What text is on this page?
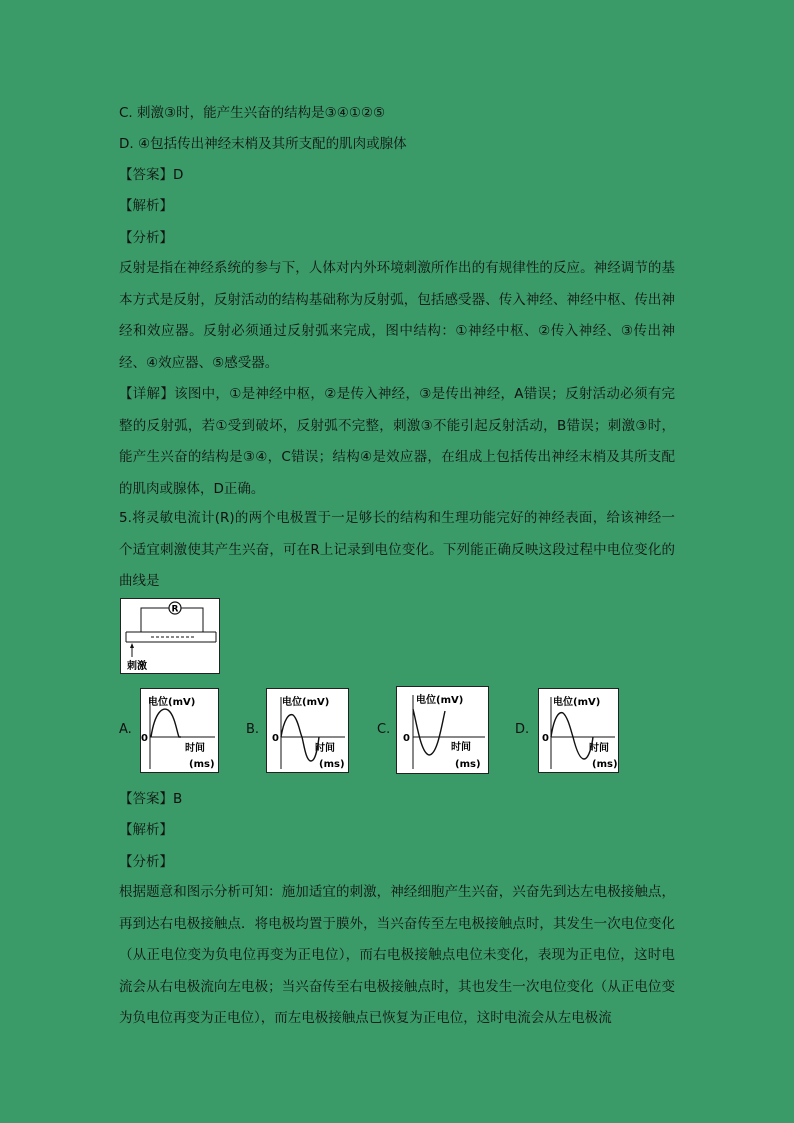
C. 刺激③时，能产生兴奋的结构是③④①②⑤
D. ④包括传出神经末梢及其所支配的肌肉或腺体
【答案】D
【解析】
【分析】
反射是指在神经系统的参与下，人体对内外环境刺激所作出的有规律性的反应。神经调节的基本方式是反射，反射活动的结构基础称为反射弧，包括感受器、传入神经、神经中枢、传出神经和效应器。反射必须通过反射弧来完成，图中结构：①神经中枢、②传入神经、③传出神经、④效应器、⑤感受器。
【详解】该图中，①是神经中枢，②是传入神经，③是传出神经，A错误；反射活动必须有完整的反射弧，若①受到破坏，反射弧不完整，刺激③不能引起反射活动，B错误；刺激③时，能产生兴奋的结构是③④，C错误；结构④是效应器，在组成上包括传出神经末梢及其所支配的肌肉或腺体，D正确。
5.将灵敏电流计(R)的两个电极置于一足够长的结构和生理功能完好的神经表面，给该神经一个适宜刺激使其产生兴奋，可在R上记录到电位变化。下列能正确反映这段过程中电位变化的曲线是
R
刺激
A.
电位(mV)
0
时间
(ms)
B.
电位(mV)
0
时间
(ms)
C.
电位(mV)
0
时间
(ms)
D.
电位(mV)
0
时间
(ms)
【答案】B
【解析】
【分析】
根据题意和图示分析可知：施加适宜的刺激，神经细胞产生兴奋，兴奋先到达左电极接触点，再到达右电极接触点．将电极均置于膜外，当兴奋传至左电极接触点时，其发生一次电位变化（从正电位变为负电位再变为正电位），而右电极接触点电位未变化，表现为正电位，这时电流会从右电极流向左电极；当兴奋传至右电极接触点时，其也发生一次电位变化（从正电位变为负电位再变为正电位），而左电极接触点已恢复为正电位，这时电流会从左电极流
